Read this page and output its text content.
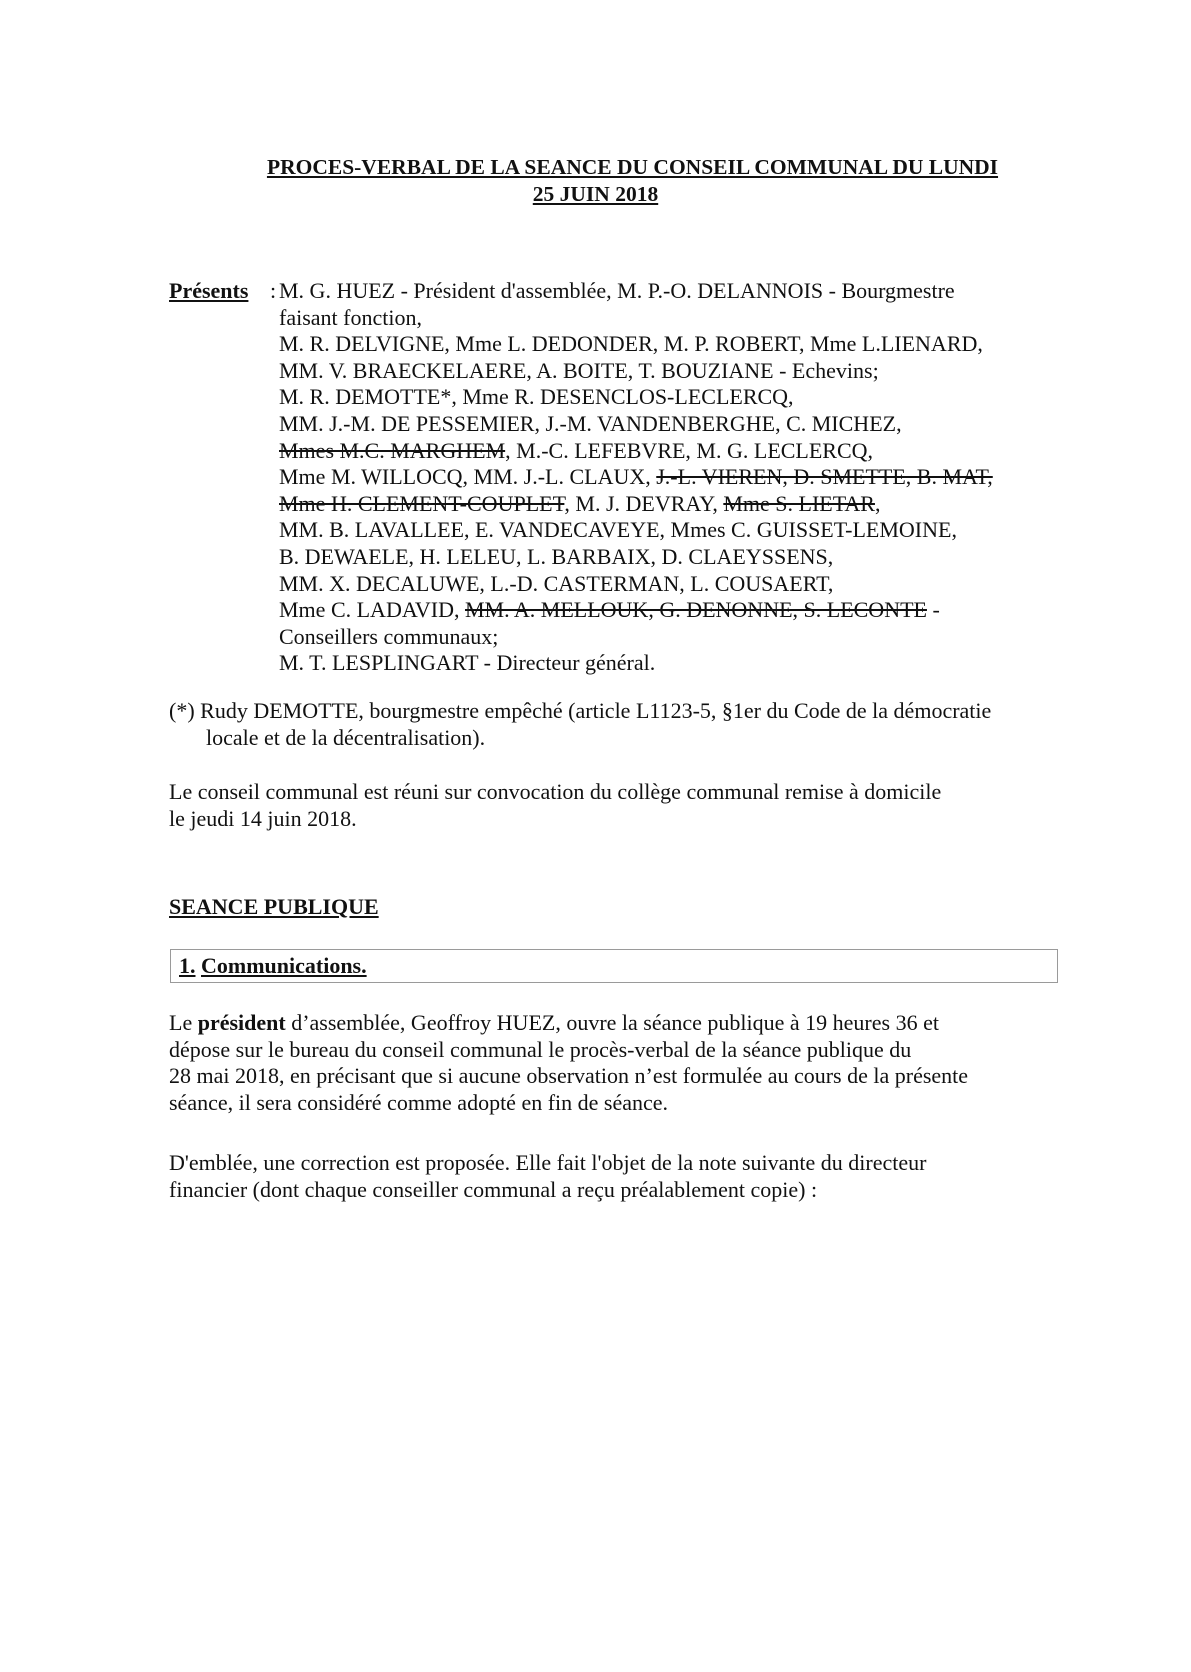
PROCES-VERBAL DE LA SEANCE DU CONSEIL COMMUNAL DU LUNDI
25 JUIN 2018
Présents : M. G. HUEZ - Président d'assemblée, M. P.-O. DELANNOIS - Bourgmestre
faisant fonction,
M. R. DELVIGNE, Mme L. DEDONDER, M. P. ROBERT, Mme L.LIENARD,
MM. V. BRAECKELAERE, A. BOITE, T. BOUZIANE - Echevins;
M. R. DEMOTTE*, Mme R. DESENCLOS-LECLERCQ,
MM. J.-M. DE PESSEMIER, J.-M. VANDENBERGHE, C. MICHEZ,
Mmes M.C. MARGHEM, M.-C. LEFEBVRE, M. G. LECLERCQ,
Mme M. WILLOCQ, MM. J.-L. CLAUX, J.-L. VIEREN, D. SMETTE, B. MAT,
Mme H. CLEMENT-COUPLET, M. J. DEVRAY, Mme S. LIETAR,
MM. B. LAVALLEE, E. VANDECAVEYE, Mmes C. GUISSET-LEMOINE,
B. DEWAELE, H. LELEU, L. BARBAIX, D. CLAEYSSENS,
MM. X. DECALUWE, L.-D. CASTERMAN, L. COUSAERT,
Mme C. LADAVID, MM. A. MELLOUK, G. DENONNE, S. LECONTE -
Conseillers communaux;
M. T. LESPLINGART - Directeur général.
(*) Rudy DEMOTTE, bourgmestre empêché (article L1123-5, §1er du Code de la démocratie
locale et de la décentralisation).
Le conseil communal est réuni sur convocation du collège communal remise à domicile
le jeudi 14 juin 2018.
SEANCE PUBLIQUE
1. Communications.
Le président d’assemblée, Geoffroy HUEZ, ouvre la séance publique à 19 heures 36 et
dépose sur le bureau du conseil communal le procès-verbal de la séance publique du
28 mai 2018, en précisant que si aucune observation n’est formulée au cours de la présente
séance, il sera considéré comme adopté en fin de séance.
D'emblée, une correction est proposée. Elle fait l'objet de la note suivante du directeur
financier (dont chaque conseiller communal a reçu préalablement copie) :
